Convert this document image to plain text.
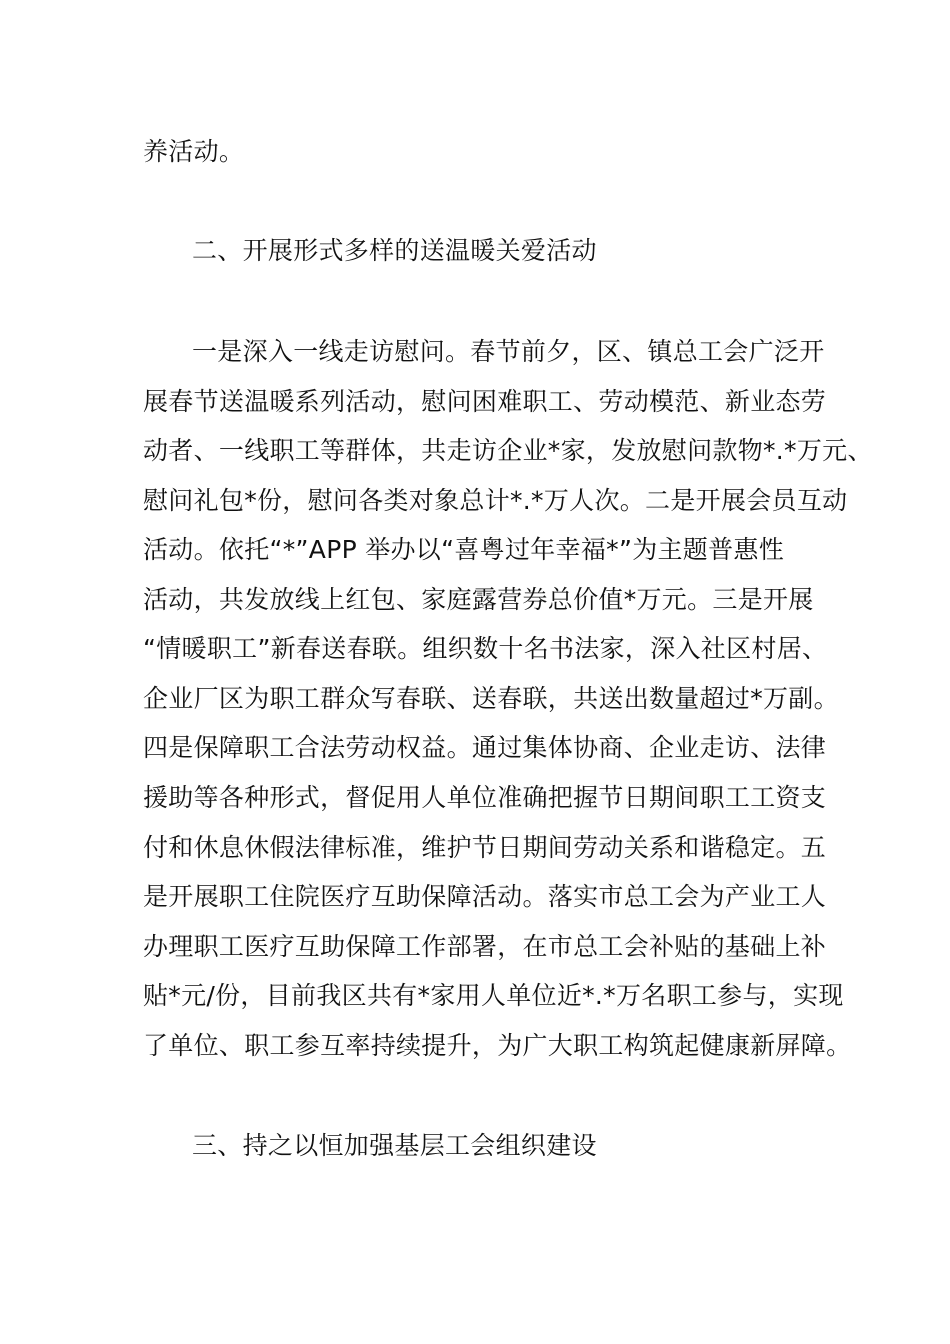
养活动。
二、开展形式多样的送温暖关爱活动
一是深入一线走访慰问。春节前夕，区、镇总工会广泛开
展春节送温暖系列活动，慰问困难职工、劳动模范、新业态劳
动者、一线职工等群体，共走访企业*家，发放慰问款物*.*万元、
慰问礼包*份，慰问各类对象总计*.*万人次。二是开展会员互动
活动。依托“*”APP 举办以“喜粤过年幸福*”为主题普惠性
活动，共发放线上红包、家庭露营券总价值*万元。三是开展
“情暖职工”新春送春联。组织数十名书法家，深入社区村居、
企业厂区为职工群众写春联、送春联，共送出数量超过*万副。
四是保障职工合法劳动权益。通过集体协商、企业走访、法律
援助等各种形式，督促用人单位准确把握节日期间职工工资支
付和休息休假法律标准，维护节日期间劳动关系和谐稳定。五
是开展职工住院医疗互助保障活动。落实市总工会为产业工人
办理职工医疗互助保障工作部署，在市总工会补贴的基础上补
贴*元/份，目前我区共有*家用人单位近*.*万名职工参与，实现
了单位、职工参互率持续提升，为广大职工构筑起健康新屏障。
三、持之以恒加强基层工会组织建设
